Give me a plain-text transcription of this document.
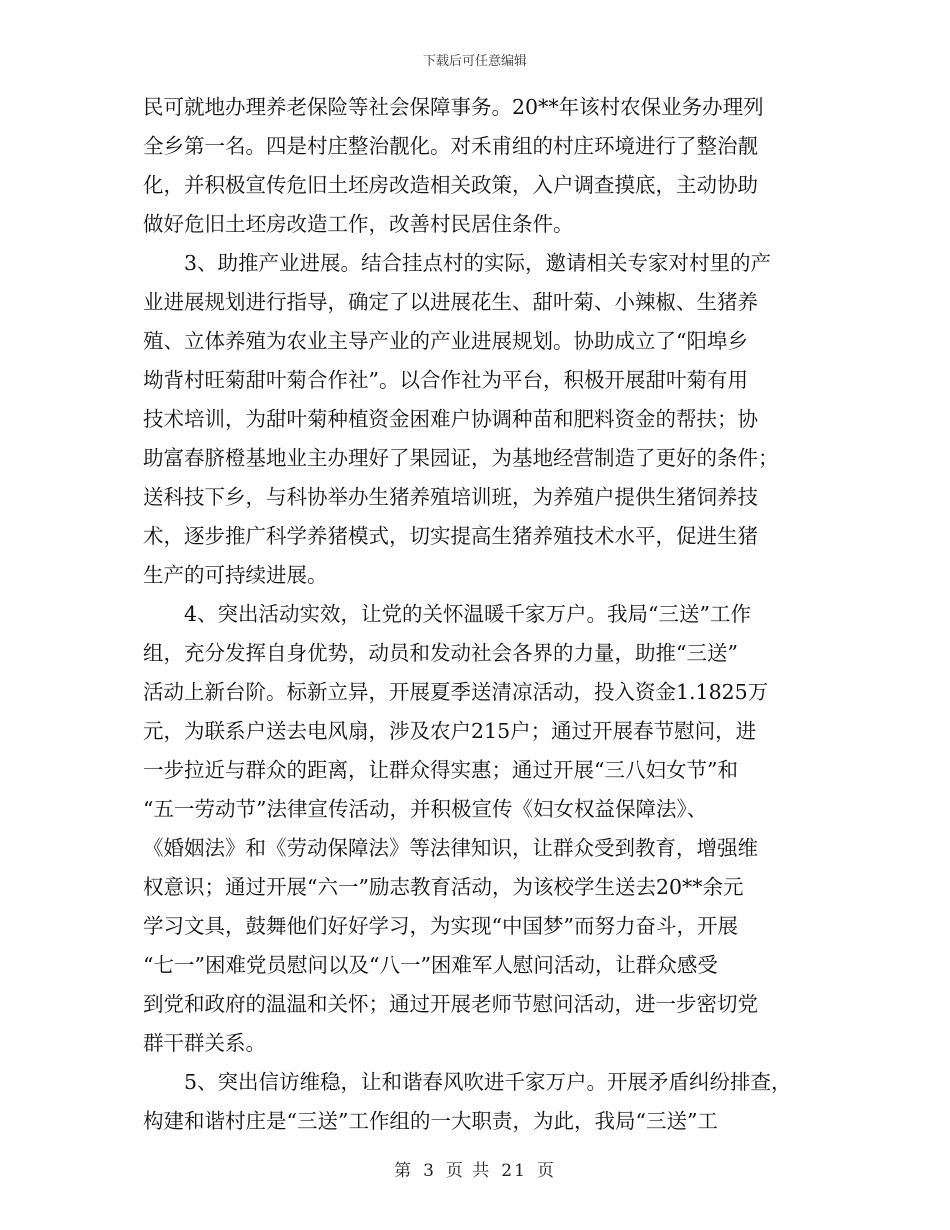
下载后可任意编辑
民可就地办理养老保险等社会保障事务。20**年该村农保业务办理列
全乡第一名。四是村庄整治靓化。对禾甫组的村庄环境进行了整治靓
化，并积极宣传危旧土坯房改造相关政策，入户调查摸底，主动协助
做好危旧土坯房改造工作，改善村民居住条件。
3、助推产业进展。结合挂点村的实际，邀请相关专家对村里的产
业进展规划进行指导，确定了以进展花生、甜叶菊、小辣椒、生猪养
殖、立体养殖为农业主导产业的产业进展规划。协助成立了“阳埠乡
坳背村旺菊甜叶菊合作社”。以合作社为平台，积极开展甜叶菊有用
技术培训，为甜叶菊种植资金困难户协调种苗和肥料资金的帮扶；协
助富春脐橙基地业主办理好了果园证，为基地经营制造了更好的条件；
送科技下乡，与科协举办生猪养殖培训班，为养殖户提供生猪饲养技
术，逐步推广科学养猪模式，切实提高生猪养殖技术水平，促进生猪
生产的可持续进展。
4、突出活动实效，让党的关怀温暖千家万户。我局“三送”工作
组，充分发挥自身优势，动员和发动社会各界的力量，助推“三送”
活动上新台阶。标新立异，开展夏季送清凉活动，投入资金1.1825万
元，为联系户送去电风扇，涉及农户215户；通过开展春节慰问，进
一步拉近与群众的距离，让群众得实惠；通过开展“三八妇女节”和
“五一劳动节”法律宣传活动，并积极宣传《妇女权益保障法》、
《婚姻法》和《劳动保障法》等法律知识，让群众受到教育，增强维
权意识；通过开展“六一”励志教育活动，为该校学生送去20**余元
学习文具，鼓舞他们好好学习，为实现“中国梦”而努力奋斗，开展
“七一”困难党员慰问以及“八一”困难军人慰问活动，让群众感受
到党和政府的温温和关怀；通过开展老师节慰问活动，进一步密切党
群干群关系。
5、突出信访维稳，让和谐春风吹进千家万户。开展矛盾纠纷排查，
构建和谐村庄是“三送”工作组的一大职责，为此，我局“三送”工
第 3 页 共 21 页
